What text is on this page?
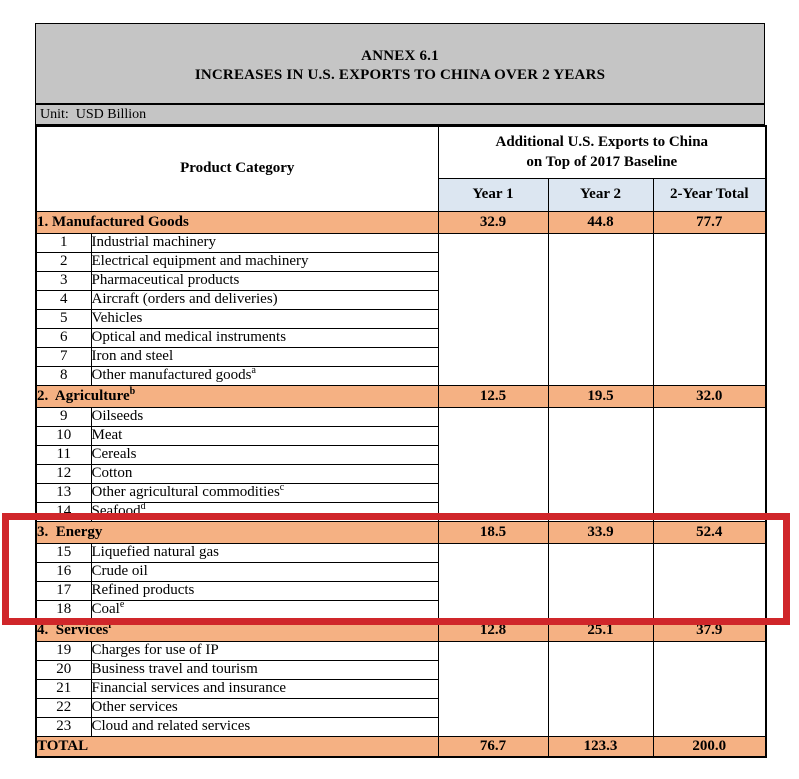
ANNEX 6.1
INCREASES IN U.S. EXPORTS TO CHINA OVER 2 YEARS
Unit:  USD Billion
Product Category		Additional U.S. Exports to China
on Top of 2017 Baseline		
		Year 1	Year 2	2-Year Total
1. Manufactured Goods		32.9	44.8	77.7
1	Industrial machinery			
2	Electrical equipment and machinery			
3	Pharmaceutical products			
4	Aircraft (orders and deliveries)			
5	Vehicles			
6	Optical and medical instruments			
7	Iron and steel			
8	Other manufactured goods$^a$
2.  Agriculture$^b$		12.5	19.5	32.0
9	Oilseeds			
10	Meat			
11	Cereals			
12	Cotton			
13	Other agricultural commodities$^c$
14	Seafood$^d$
3.  Energy		18.5	33.9	52.4
15	Liquefied natural gas			
16	Crude oil			
17	Refined products			
18	Coal$^e$
4.  Services$^f$		12.8	25.1	37.9
19	Charges for use of IP			
20	Business travel and tourism			
21	Financial services and insurance			
22	Other services			
23	Cloud and related services			
TOTAL		76.7	123.3	200.0
